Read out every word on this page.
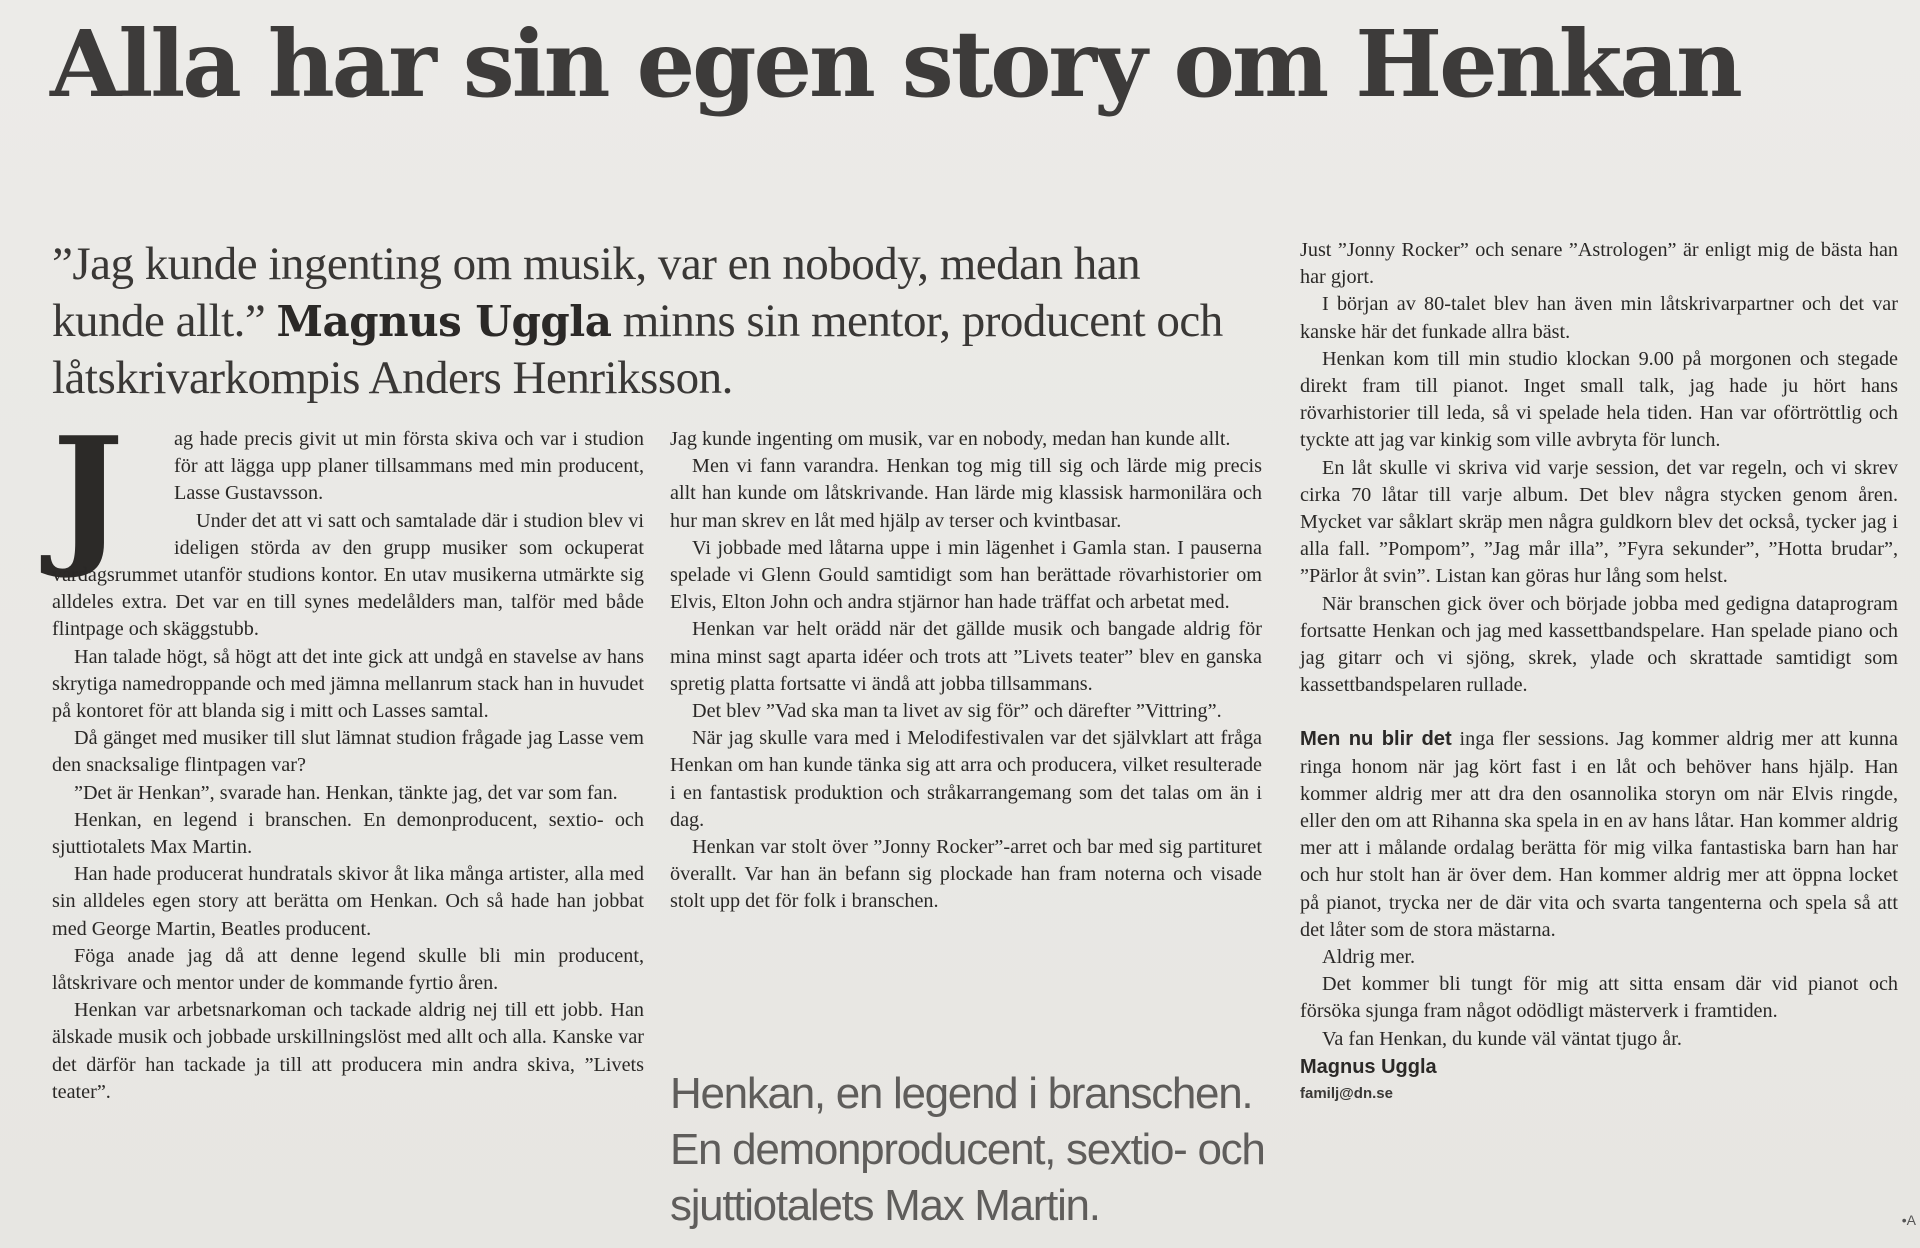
Alla har sin egen story om Henkan

”Jag kunde ingenting om musik, var en nobody, medan han kunde allt.” Magnus Uggla minns sin mentor, producent och låtskrivarkompis Anders Henriksson.

J	ag hade precis givit ut min första skiva och var i studion för att lägga upp planer tillsammans med min producent, Lasse Gustavsson.

Under det att vi satt och samtalade där i studion blev vi ideligen störda av den grupp musiker som ockuperat vardagsrummet utanför studions kontor. En utav musikerna utmärkte sig alldeles extra. Det var en till synes medelålders man, talför med både flintpage och skäggstubb.

Han talade högt, så högt att det inte gick att undgå en stavelse av hans skrytiga namedroppande och med jämna mellanrum stack han in huvudet på kontoret för att blanda sig i mitt och Lasses samtal.

Då gänget med musiker till slut lämnat studion frågade jag Lasse vem den snacksalige flintpagen var?

”Det är Henkan”, svarade han. Henkan, tänkte jag, det var som fan.

Henkan, en legend i branschen. En demonproducent, sextio- och sjuttiotalets Max Martin.

Han hade producerat hundratals skivor åt lika många artister, alla med sin alldeles egen story att berätta om Henkan. Och så hade han jobbat med George Martin, Beatles producent.

Föga anade jag då att denne legend skulle bli min producent, låtskrivare och mentor under de kommande fyrtio åren.

Henkan var arbetsnarkoman och tackade aldrig nej till ett jobb. Han älskade musik och jobbade urskillningslöst med allt och alla. Kanske var det därför han tackade ja till att producera min andra skiva, ”Livets teater”.

Jag kunde ingenting om musik, var en nobody, medan han kunde allt.

Men vi fann varandra. Henkan tog mig till sig och lärde mig precis allt han kunde om låtskrivande. Han lärde mig klassisk harmonilära och hur man skrev en låt med hjälp av terser och kvintbasar.

Vi jobbade med låtarna uppe i min lägenhet i Gamla stan. I pauserna spelade vi Glenn Gould samtidigt som han berättade rövarhistorier om Elvis, Elton John och andra stjärnor han hade träffat och arbetat med.

Henkan var helt orädd när det gällde musik och bangade aldrig för mina minst sagt aparta idéer och trots att ”Livets teater” blev en ganska spretig platta fortsatte vi ändå att jobba tillsammans.

Det blev ”Vad ska man ta livet av sig för” och därefter ”Vittring”.

När jag skulle vara med i Melodifestivalen var det självklart att fråga Henkan om han kunde tänka sig att arra och producera, vilket resulterade i en fantastisk produktion och stråkarrangemang som det talas om än i dag.

Henkan var stolt över ”Jonny Rocker”-arret och bar med sig partituret överallt. Var han än befann sig plockade han fram noterna och visade stolt upp det för folk i branschen.

Henkan, en legend i branschen. En demonproducent, sextio- och sjuttiotalets Max Martin.

Just ”Jonny Rocker” och senare ”Astrologen” är enligt mig de bästa han har gjort.

I början av 80-talet blev han även min låtskrivarpartner och det var kanske här det funkade allra bäst.

Henkan kom till min studio klockan 9.00 på morgonen och stegade direkt fram till pianot. Inget small talk, jag hade ju hört hans rövarhistorier till leda, så vi spelade hela tiden. Han var oförtröttlig och tyckte att jag var kinkig som ville avbryta för lunch.

En låt skulle vi skriva vid varje session, det var regeln, och vi skrev cirka 70 låtar till varje album. Det blev några stycken genom åren. Mycket var såklart skräp men några guldkorn blev det också, tycker jag i alla fall. ”Pompom”, ”Jag mår illa”, ”Fyra sekunder”, ”Hotta brudar”, ”Pärlor åt svin”. Listan kan göras hur lång som helst.

När branschen gick över och började jobba med gedigna dataprogram fortsatte Henkan och jag med kassettbandspelare. Han spelade piano och jag gitarr och vi sjöng, skrek, ylade och skrattade samtidigt som kassettbandspelaren rullade.

Men nu blir det inga fler sessions. Jag kommer aldrig mer att kunna ringa honom när jag kört fast i en låt och behöver hans hjälp. Han kommer aldrig mer att dra den osannolika storyn om när Elvis ringde, eller den om att Rihanna ska spela in en av hans låtar. Han kommer aldrig mer att i målande ordalag berätta för mig vilka fantastiska barn han har och hur stolt han är över dem. Han kommer aldrig mer att öppna locket på pianot, trycka ner de där vita och svarta tangenterna och spela så att det låter som de stora mästarna.

Aldrig mer.

Det kommer bli tungt för mig att sitta ensam där vid pianot och försöka sjunga fram något odödligt mästerverk i framtiden.

Va fan Henkan, du kunde väl väntat tjugo år.

Magnus Uggla
familj@dn.se
•A
